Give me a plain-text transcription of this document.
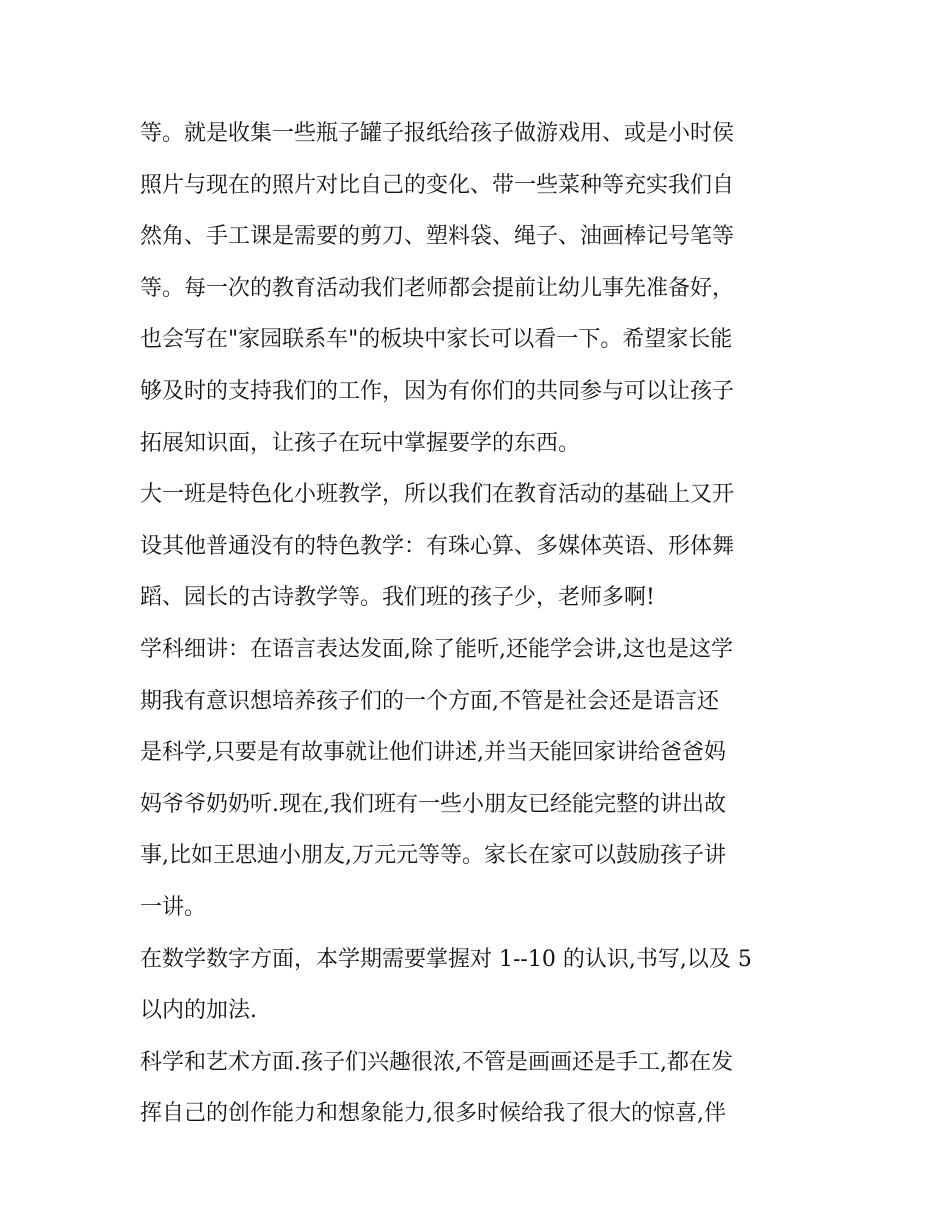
等。就是收集一些瓶子罐子报纸给孩子做游戏用、或是小时侯
照片与现在的照片对比自己的变化、带一些菜种等充实我们自
然角、手工课是需要的剪刀、塑料袋、绳子、油画棒记号笔等
等。每一次的教育活动我们老师都会提前让幼儿事先准备好，
也会写在"家园联系车"的板块中家长可以看一下。希望家长能
够及时的支持我们的工作，因为有你们的共同参与可以让孩子
拓展知识面，让孩子在玩中掌握要学的东西。
大一班是特色化小班教学，所以我们在教育活动的基础上又开
设其他普通没有的特色教学：有珠心算、多媒体英语、形体舞
蹈、园长的古诗教学等。我们班的孩子少，老师多啊!
学科细讲：在语言表达发面,除了能听,还能学会讲,这也是这学
期我有意识想培养孩子们的一个方面,不管是社会还是语言还
是科学,只要是有故事就让他们讲述,并当天能回家讲给爸爸妈
妈爷爷奶奶听.现在,我们班有一些小朋友已经能完整的讲出故
事,比如王思迪小朋友,万元元等等。家长在家可以鼓励孩子讲
一讲。
在数学数字方面，本学期需要掌握对 1--10 的认识,书写,以及 5
以内的加法.
科学和艺术方面.孩子们兴趣很浓,不管是画画还是手工,都在发
挥自己的创作能力和想象能力,很多时候给我了很大的惊喜,伴
